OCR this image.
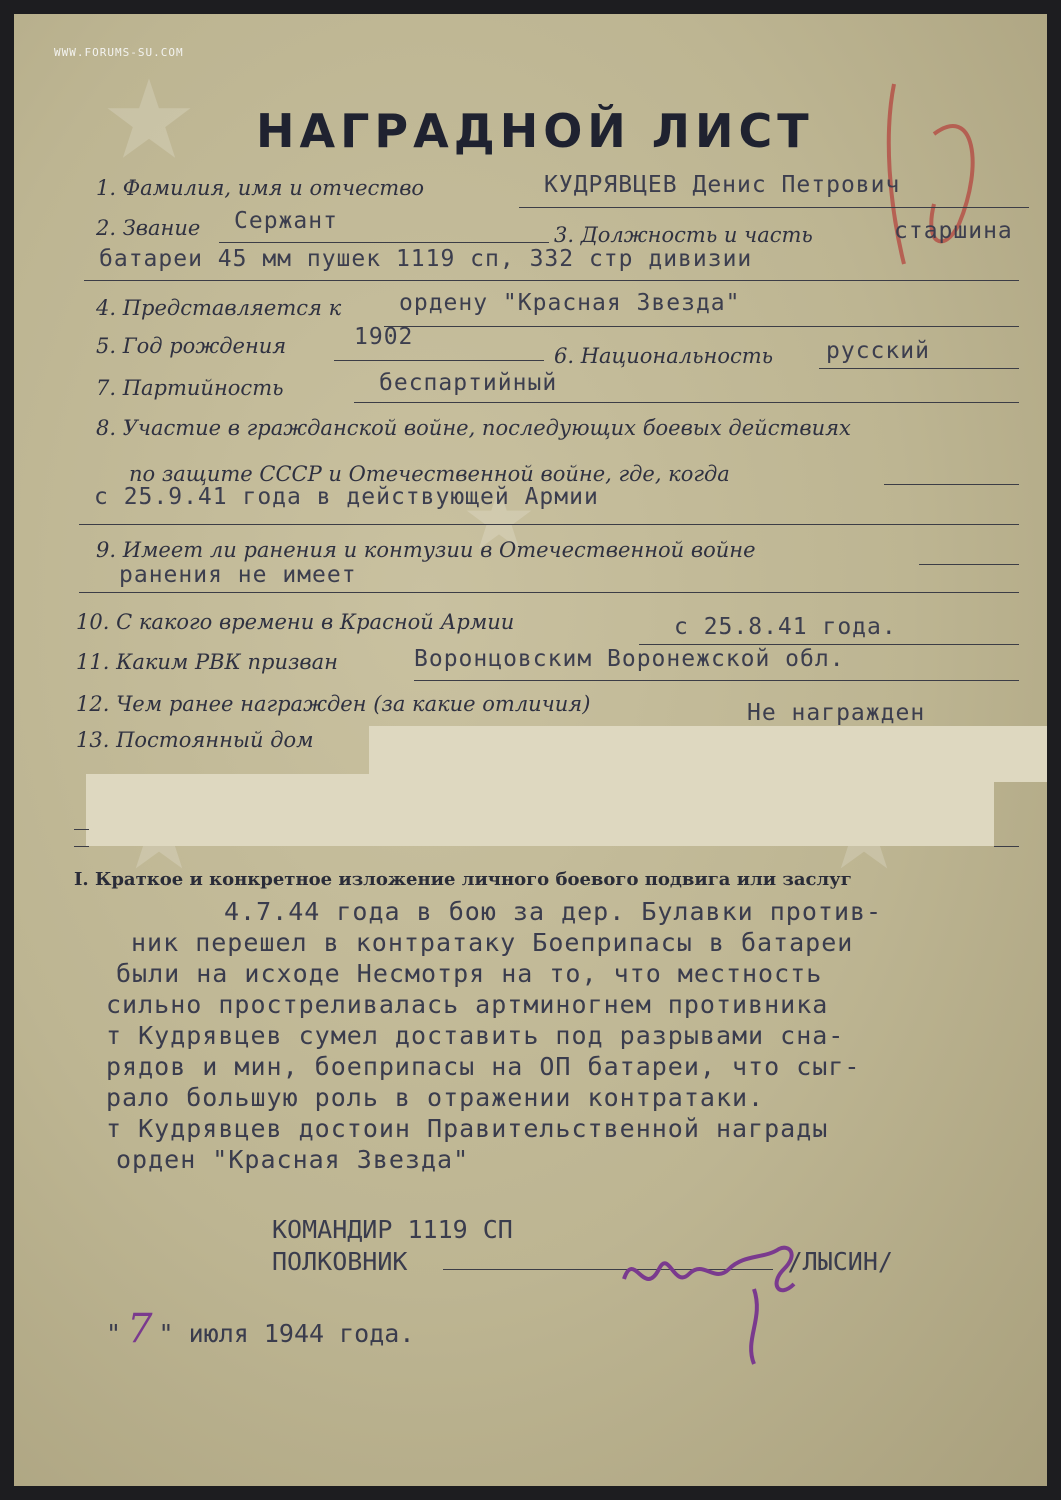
WWW.FORUMS-SU.COM
НАГРАДНОЙ ЛИСТ
1. Фамилия, имя и отчество	КУДРЯВЦЕВ Денис Петрович
2. Звание Сержант
3. Должность и часть	старшина
батареи 45 мм пушек 1119 сп, 332 стр дивизии
4. Представляется к	ордену "Красная Звезда"
5. Год рождения	1902
6. Национальность русский
7. Партийность	беспартийный
8. Участие в гражданской войне, последующих боевых действиях
по защите СССР и Отечественной войне, где, когда
с 25.9.41 года в действующей Армии
9. Имеет ли ранения и контузии в Отечественной войне
ранения не имеет
10. С какого времени в Красной Армии	с 25.8.41 года.
11. Каким РВК призван	Воронцовским Воронежской обл.
12. Чем ранее награжден (за какие отличия)	Не награжден
13. Постоянный дом
I. Краткое и конкретное изложение личного боевого подвига или заслуг
4.7.44 года в бою за дер. Булавки против-
ник перешел в контратаку Боеприпасы в батареи
были на исходе Несмотря на то, что местность
сильно простреливалась артминогнем противника
т Кудрявцев сумел доставить под разрывами сна-
рядов и мин, боеприпасы на ОП батареи, что сыг-
рало большую роль в отражении контратаки.
т Кудрявцев достоин Правительственной награды
орден "Красная Звезда"
КОМАНДИР 1119 СП
ПОЛКОВНИК	/ЛЫСИН/
" 7 " июля 1944 года.
